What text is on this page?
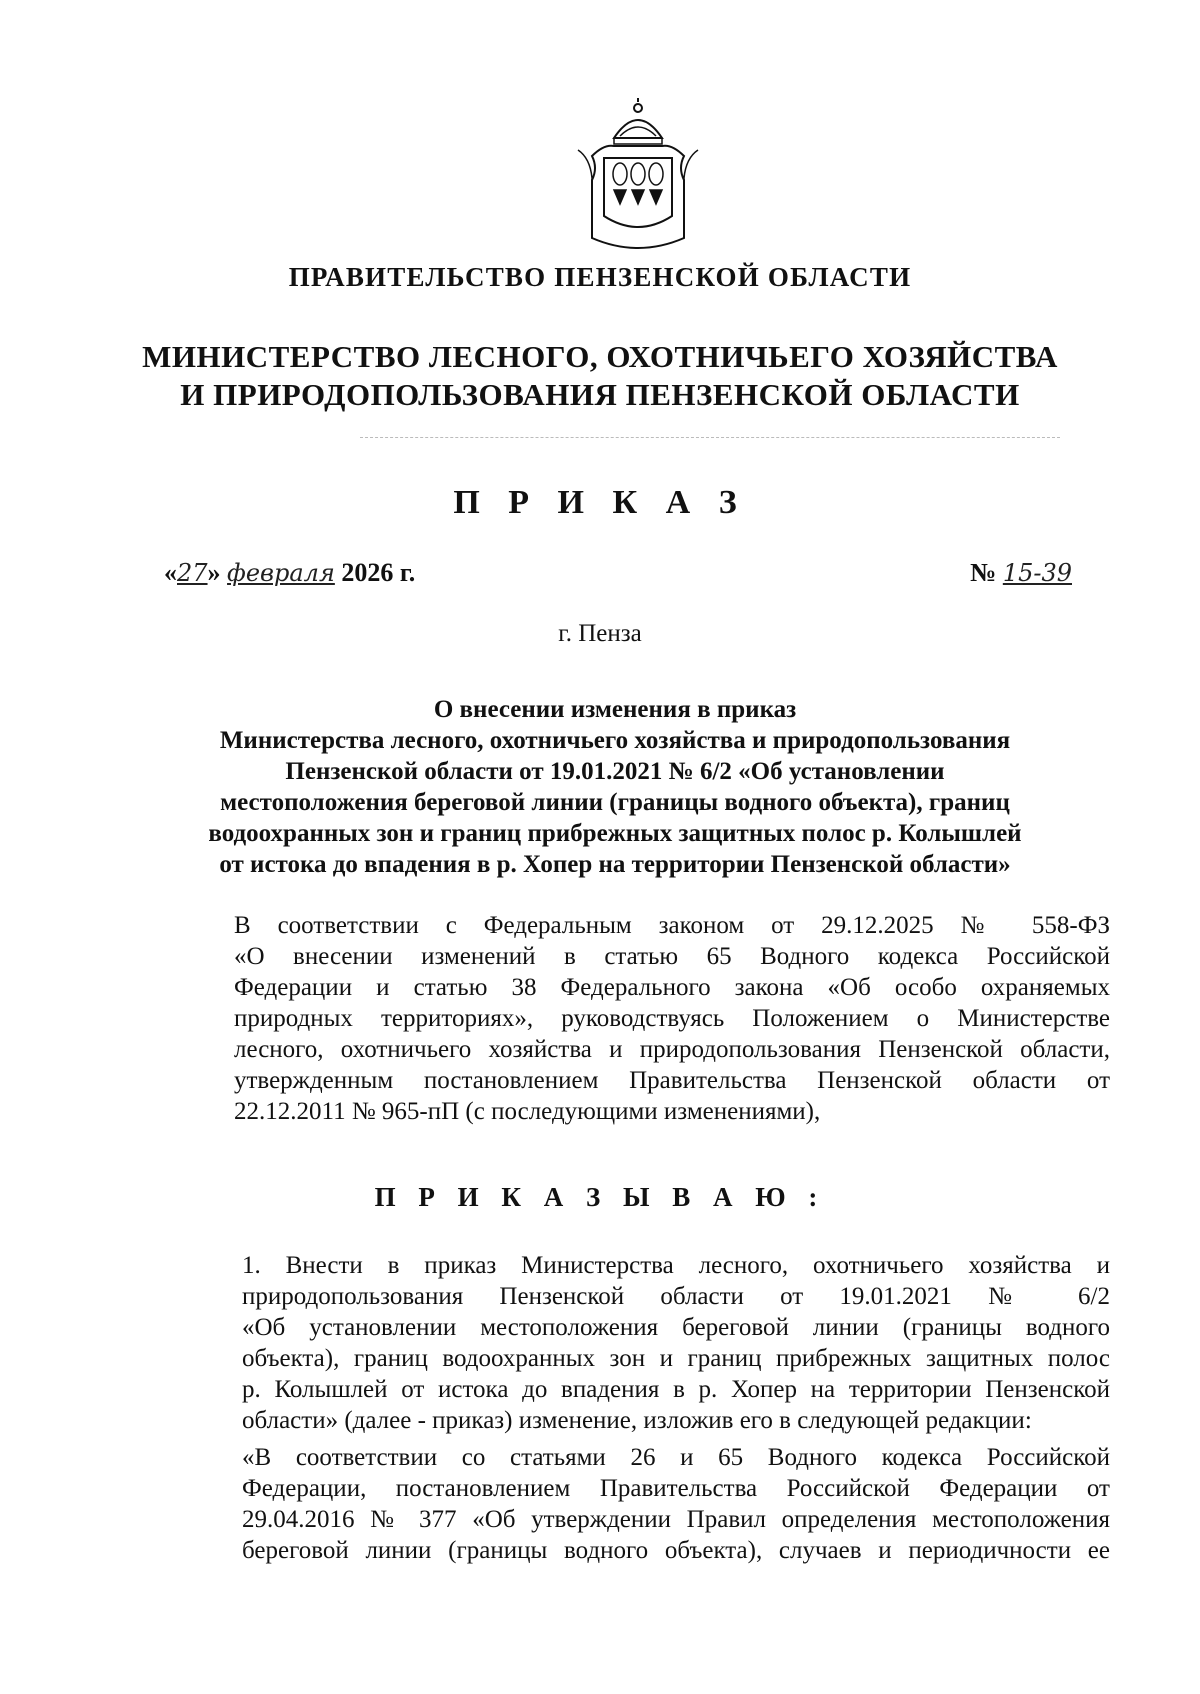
ПРАВИТЕЛЬСТВО ПЕНЗЕНСКОЙ ОБЛАСТИ
МИНИСТЕРСТВО ЛЕСНОГО, ОХОТНИЧЬЕГО ХОЗЯЙСТВА
И ПРИРОДОПОЛЬЗОВАНИЯ ПЕНЗЕНСКОЙ ОБЛАСТИ
П Р И К А З
«27» февраля 2026 г.	№ 15-39
г. Пенза
О внесении изменения в приказ
Министерства лесного, охотничьего хозяйства и природопользования
Пензенской области от 19.01.2021 № 6/2 «Об установлении
местоположения береговой линии (границы водного объекта), границ
водоохранных зон и границ прибрежных защитных полос р. Колышлей
от истока до впадения в р. Хопер на территории Пензенской области»
В соответствии с Федеральным законом от 29.12.2025 № 558-ФЗ
«О внесении изменений в статью 65 Водного кодекса Российской
Федерации и статью 38 Федерального закона «Об особо охраняемых
природных территориях», руководствуясь Положением о Министерстве
лесного, охотничьего хозяйства и природопользования Пензенской области,
утвержденным постановлением Правительства Пензенской области от
22.12.2011 № 965-пП (с последующими изменениями),
П Р И К А З Ы В А Ю :
1. Внести в приказ Министерства лесного, охотничьего хозяйства и
природопользования Пензенской области от 19.01.2021 № 6/2
«Об установлении местоположения береговой линии (границы водного
объекта), границ водоохранных зон и границ прибрежных защитных полос
р. Колышлей от истока до впадения в р. Хопер на территории Пензенской
области» (далее - приказ) изменение, изложив его в следующей редакции:
«В соответствии со статьями 26 и 65 Водного кодекса Российской
Федерации, постановлением Правительства Российской Федерации от
29.04.2016 № 377 «Об утверждении Правил определения местоположения
береговой линии (границы водного объекта), случаев и периодичности ее
